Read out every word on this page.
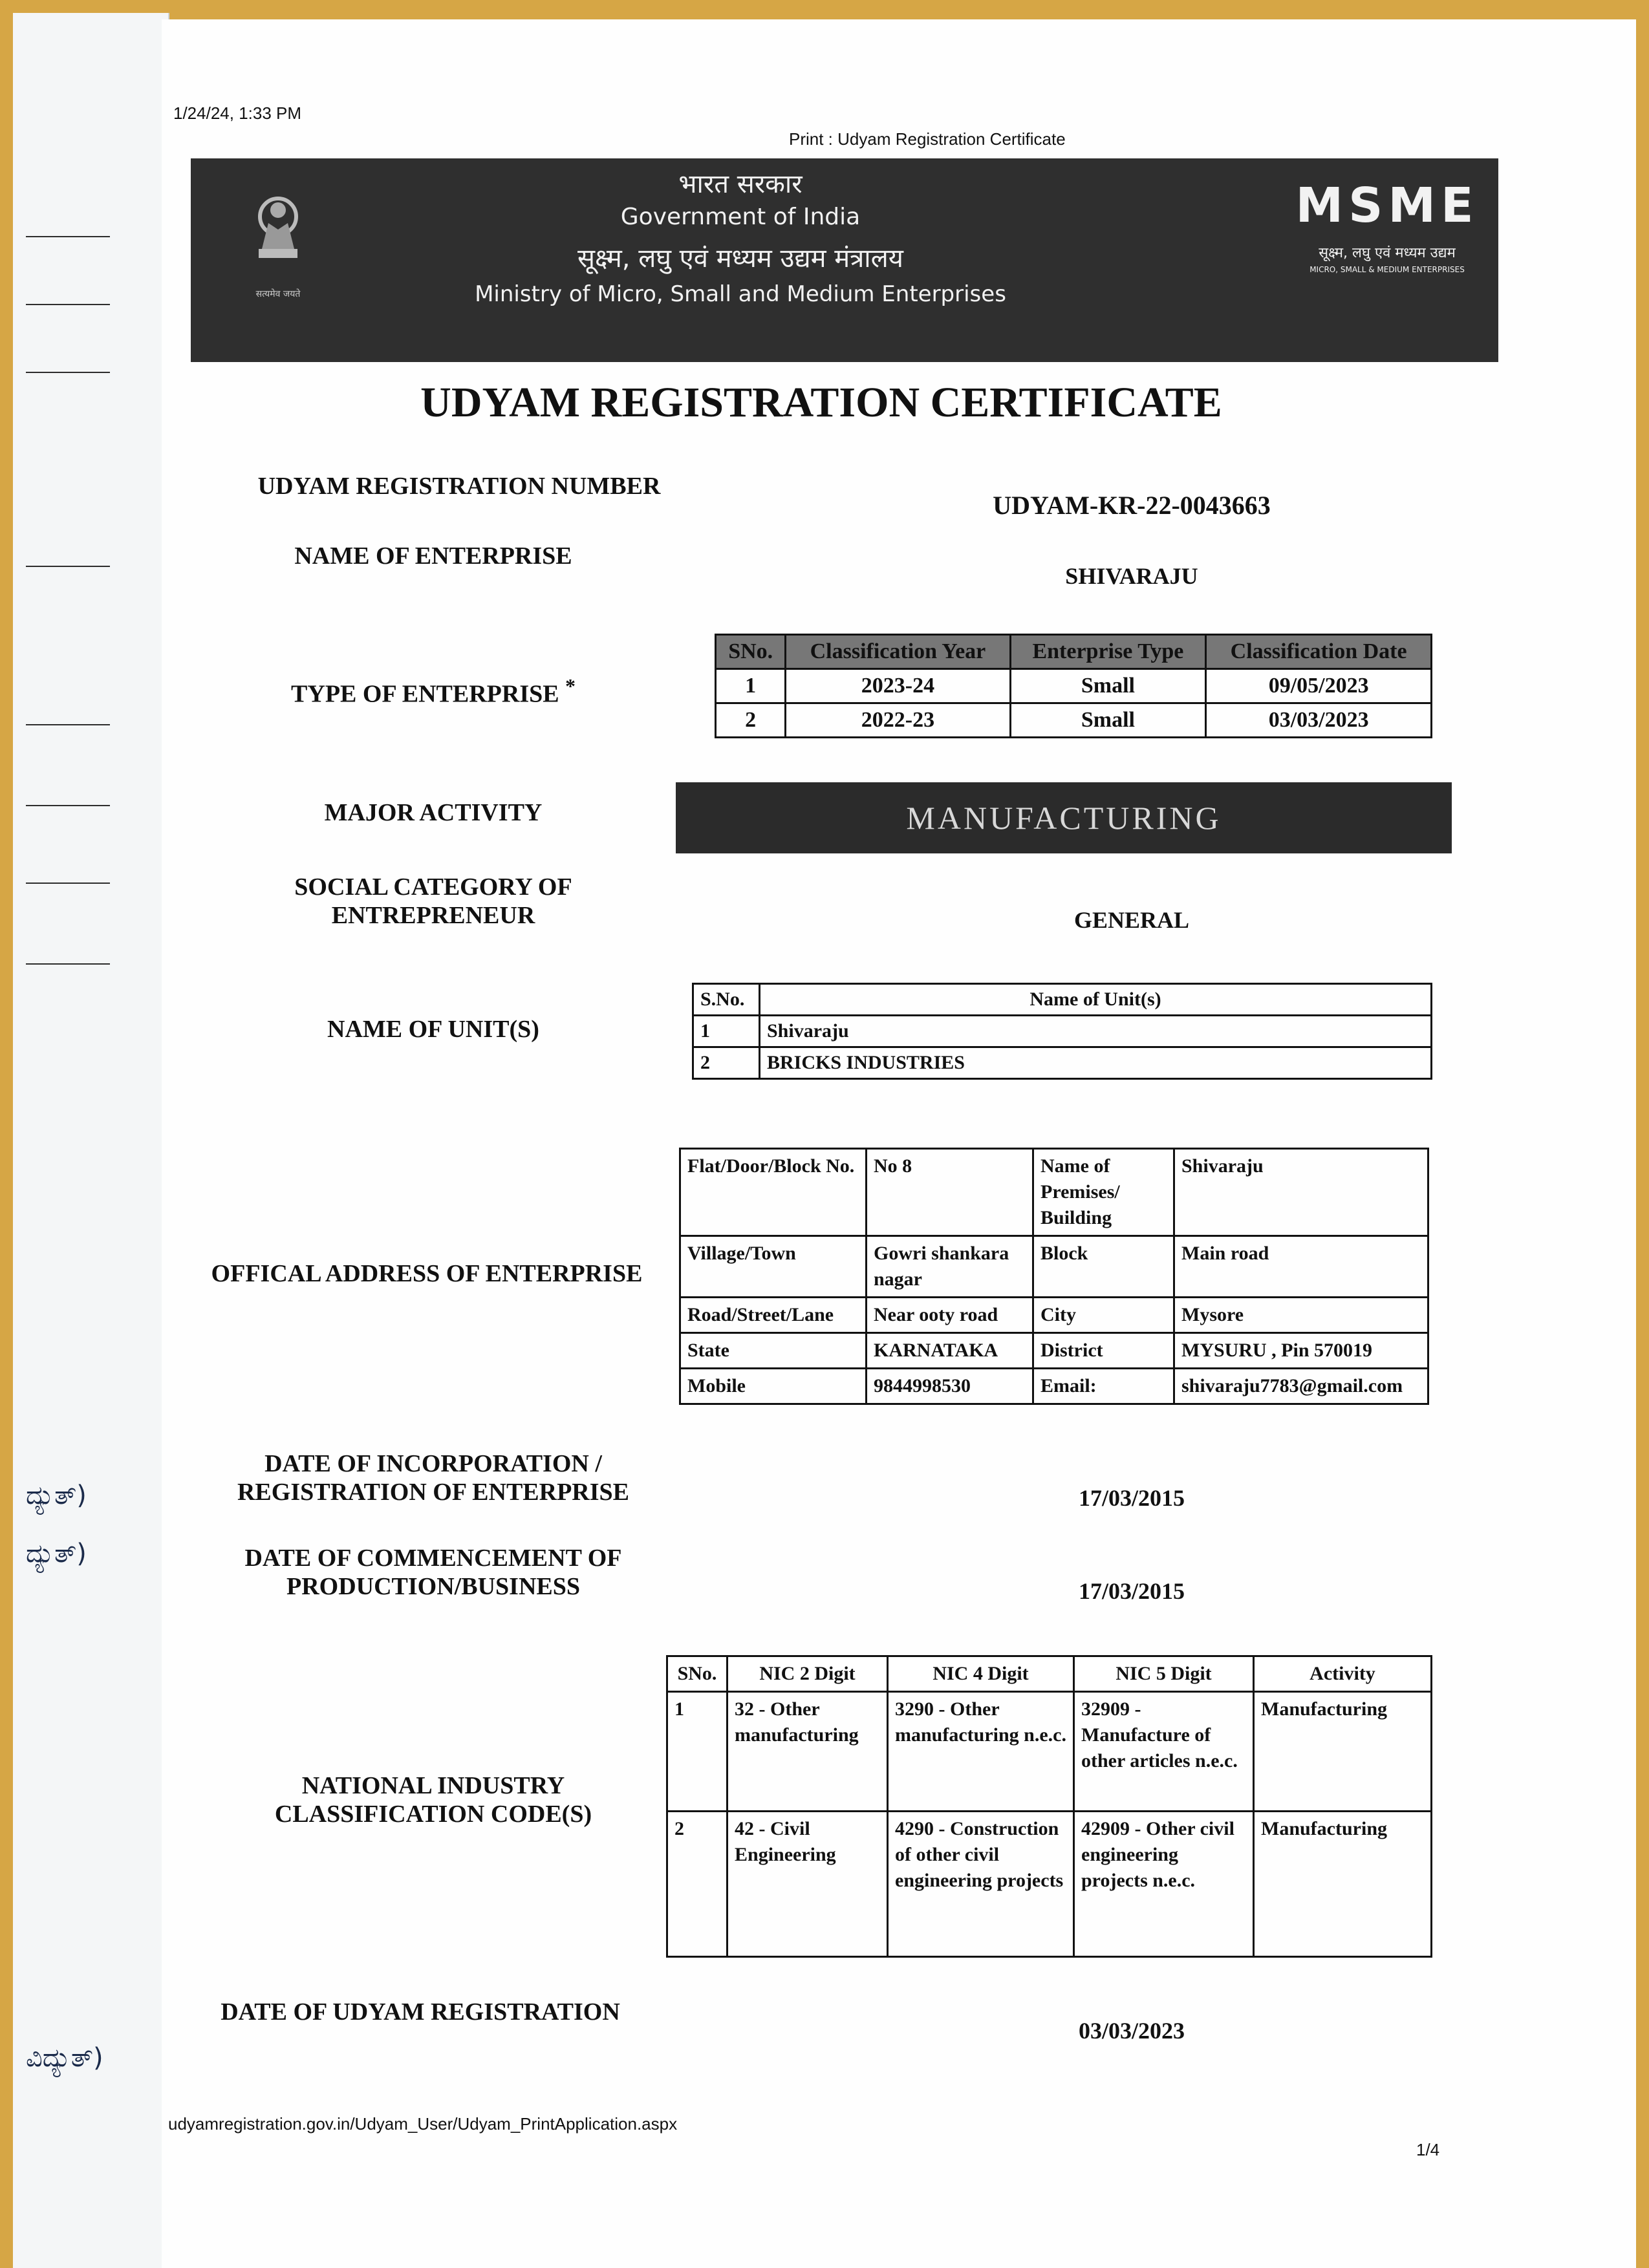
ದ್ಯುತ್)
ದ್ಯುತ್)
ವಿದ್ಯುತ್)
1/24/24, 1:33 PM
Print : Udyam Registration Certificate
सत्यमेव जयते
भारत सरकार
Government of India
सूक्ष्म, लघु एवं मध्यम उद्यम मंत्रालय
Ministry of Micro, Small and Medium Enterprises
MSME
सूक्ष्म, लघु एवं मध्यम उद्यम
MICRO, SMALL & MEDIUM ENTERPRISES
UDYAM REGISTRATION CERTIFICATE
UDYAM REGISTRATION NUMBER
UDYAM-KR-22-0043663
NAME OF ENTERPRISE
SHIVARAJU
TYPE OF ENTERPRISE *
SNo.	Classification Year	Enterprise Type	Classification Date
1	2023-24	Small	09/05/2023
2	2022-23	Small	03/03/2023
MAJOR ACTIVITY	MANUFACTURING
SOCIAL CATEGORY OF
ENTREPRENEUR	GENERAL
NAME OF UNIT(S)
S.No.	Name of Unit(s)
1	Shivaraju
2	BRICKS INDUSTRIES
OFFICAL ADDRESS OF ENTERPRISE
Flat/Door/Block No.	No 8	Name of Premises/ Building	Shivaraju
Village/Town	Gowri shankara nagar	Block	Main road
Road/Street/Lane	Near ooty road	City	Mysore
State	KARNATAKA	District	MYSURU , Pin 570019
Mobile	9844998530	Email:	shivaraju7783@gmail.com
DATE OF INCORPORATION /
REGISTRATION OF ENTERPRISE	17/03/2015
DATE OF COMMENCEMENT OF
PRODUCTION/BUSINESS	17/03/2015
NATIONAL INDUSTRY
CLASSIFICATION CODE(S)
SNo.	NIC 2 Digit	NIC 4 Digit	NIC 5 Digit	Activity
1	32 - Other manufacturing	3290 - Other manufacturing n.e.c.	32909 - Manufacture of other articles n.e.c.	Manufacturing
2	42 - Civil Engineering	4290 - Construction of other civil engineering projects	42909 - Other civil engineering projects n.e.c.	Manufacturing
DATE OF UDYAM REGISTRATION
03/03/2023
udyamregistration.gov.in/Udyam_User/Udyam_PrintApplication.aspx
1/4
